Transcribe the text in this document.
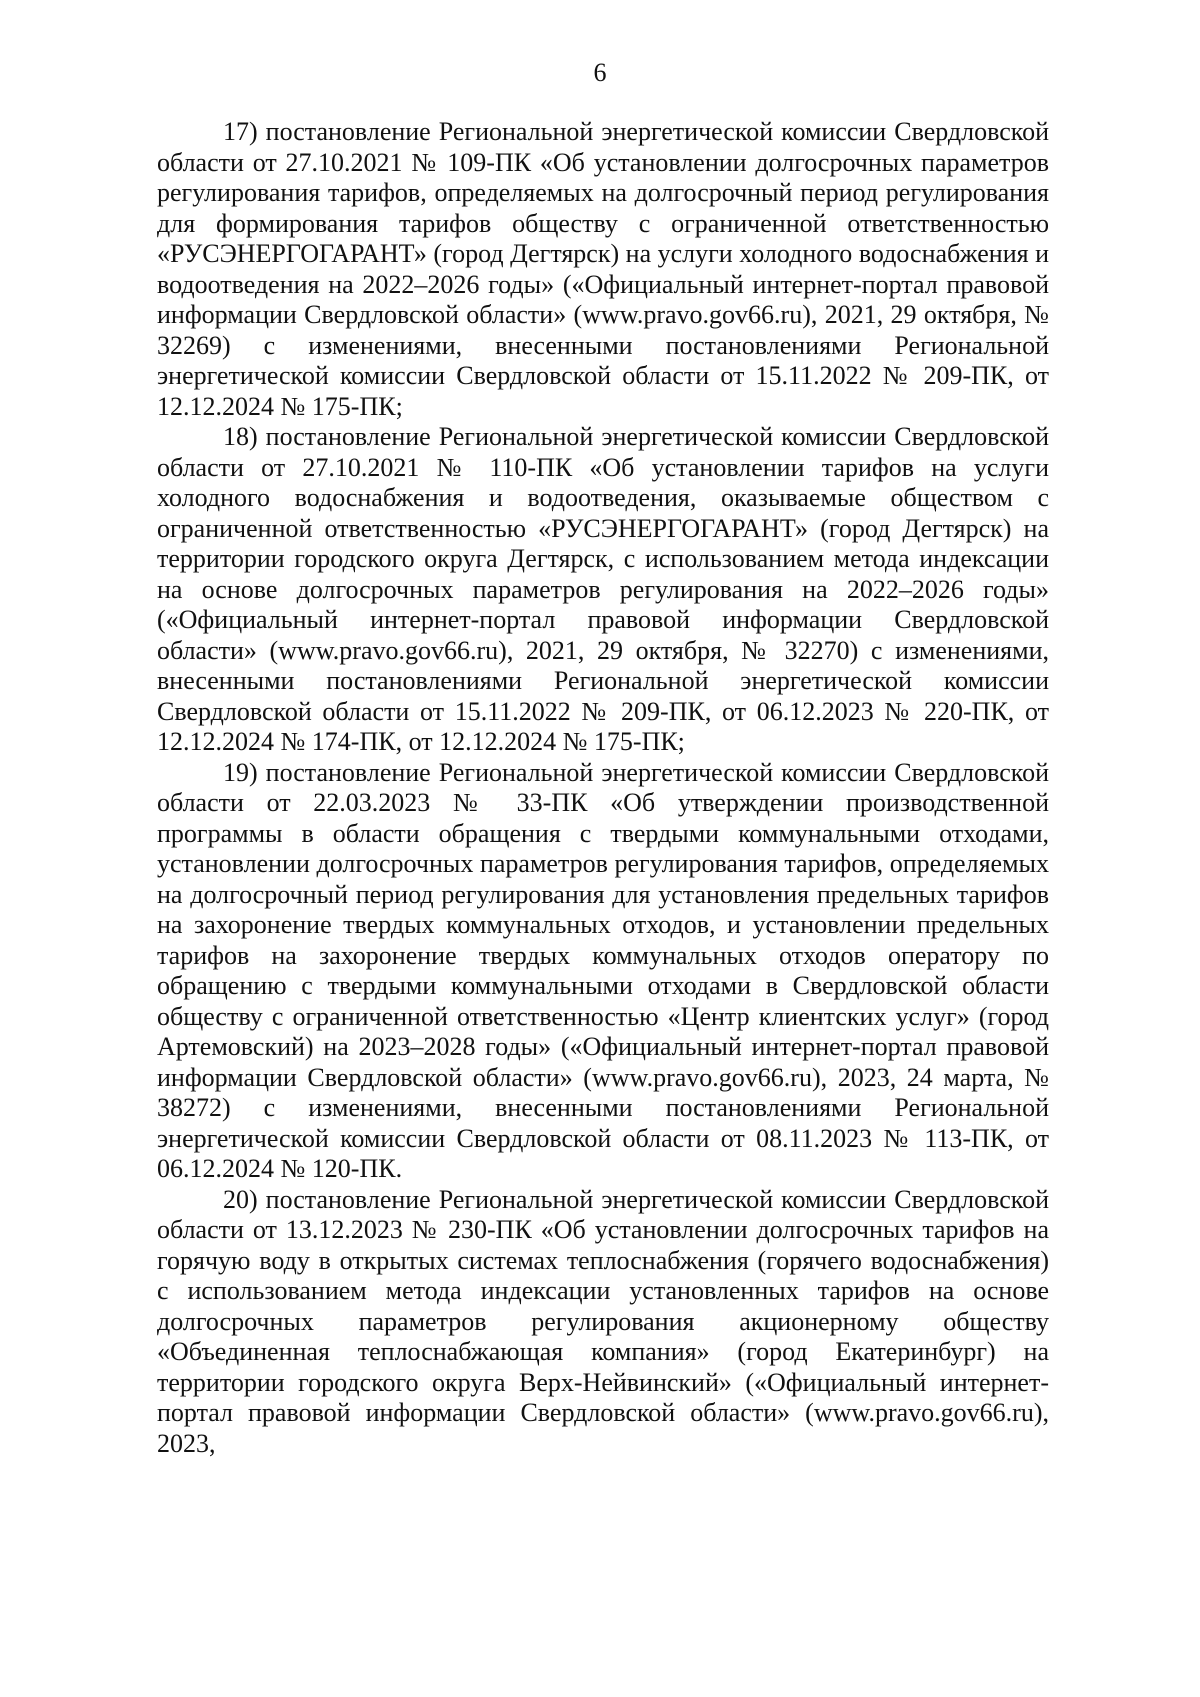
6

17) постановление Региональной энергетической комиссии Свердловской области от 27.10.2021 № 109-ПК «Об установлении долгосрочных параметров регулирования тарифов, определяемых на долгосрочный период регулирования для формирования тарифов обществу с ограниченной ответственностью «РУСЭНЕРГОГАРАНТ» (город Дегтярск) на услуги холодного водоснабжения и водоотведения на 2022–2026 годы» («Официальный интернет-портал правовой информации Свердловской области» (www.pravo.gov66.ru), 2021, 29 октября, № 32269) с изменениями, внесенными постановлениями Региональной энергетической комиссии Свердловской области от 15.11.2022 № 209-ПК, от 12.12.2024 № 175-ПК;

18) постановление Региональной энергетической комиссии Свердловской области от 27.10.2021 № 110-ПК «Об установлении тарифов на услуги холодного водоснабжения и водоотведения, оказываемые обществом с ограниченной ответственностью «РУСЭНЕРГОГАРАНТ» (город Дегтярск) на территории городского округа Дегтярск, с использованием метода индексации на основе долгосрочных параметров регулирования на 2022–2026 годы» («Официальный интернет-портал правовой информации Свердловской области» (www.pravo.gov66.ru), 2021, 29 октября, № 32270) с изменениями, внесенными постановлениями Региональной энергетической комиссии Свердловской области от 15.11.2022 № 209-ПК, от 06.12.2023 № 220-ПК, от 12.12.2024 № 174-ПК, от 12.12.2024 № 175-ПК;

19) постановление Региональной энергетической комиссии Свердловской области от 22.03.2023 № 33-ПК «Об утверждении производственной программы в области обращения с твердыми коммунальными отходами, установлении долгосрочных параметров регулирования тарифов, определяемых на долгосрочный период регулирования для установления предельных тарифов на захоронение твердых коммунальных отходов, и установлении предельных тарифов на захоронение твердых коммунальных отходов оператору по обращению с твердыми коммунальными отходами в Свердловской области обществу с ограниченной ответственностью «Центр клиентских услуг» (город Артемовский) на 2023–2028 годы» («Официальный интернет-портал правовой информации Свердловской области» (www.pravo.gov66.ru), 2023, 24 марта, № 38272) с изменениями, внесенными постановлениями Региональной энергетической комиссии Свердловской области от 08.11.2023 № 113-ПК, от 06.12.2024 № 120-ПК.

20) постановление Региональной энергетической комиссии Свердловской области от 13.12.2023 № 230-ПК «Об установлении долгосрочных тарифов на горячую воду в открытых системах теплоснабжения (горячего водоснабжения) с использованием метода индексации установленных тарифов на основе долгосрочных параметров регулирования акционерному обществу «Объединенная теплоснабжающая компания» (город Екатеринбург) на территории городского округа Верх-Нейвинский» («Официальный интернет-портал правовой информации Свердловской области» (www.pravo.gov66.ru), 2023,
